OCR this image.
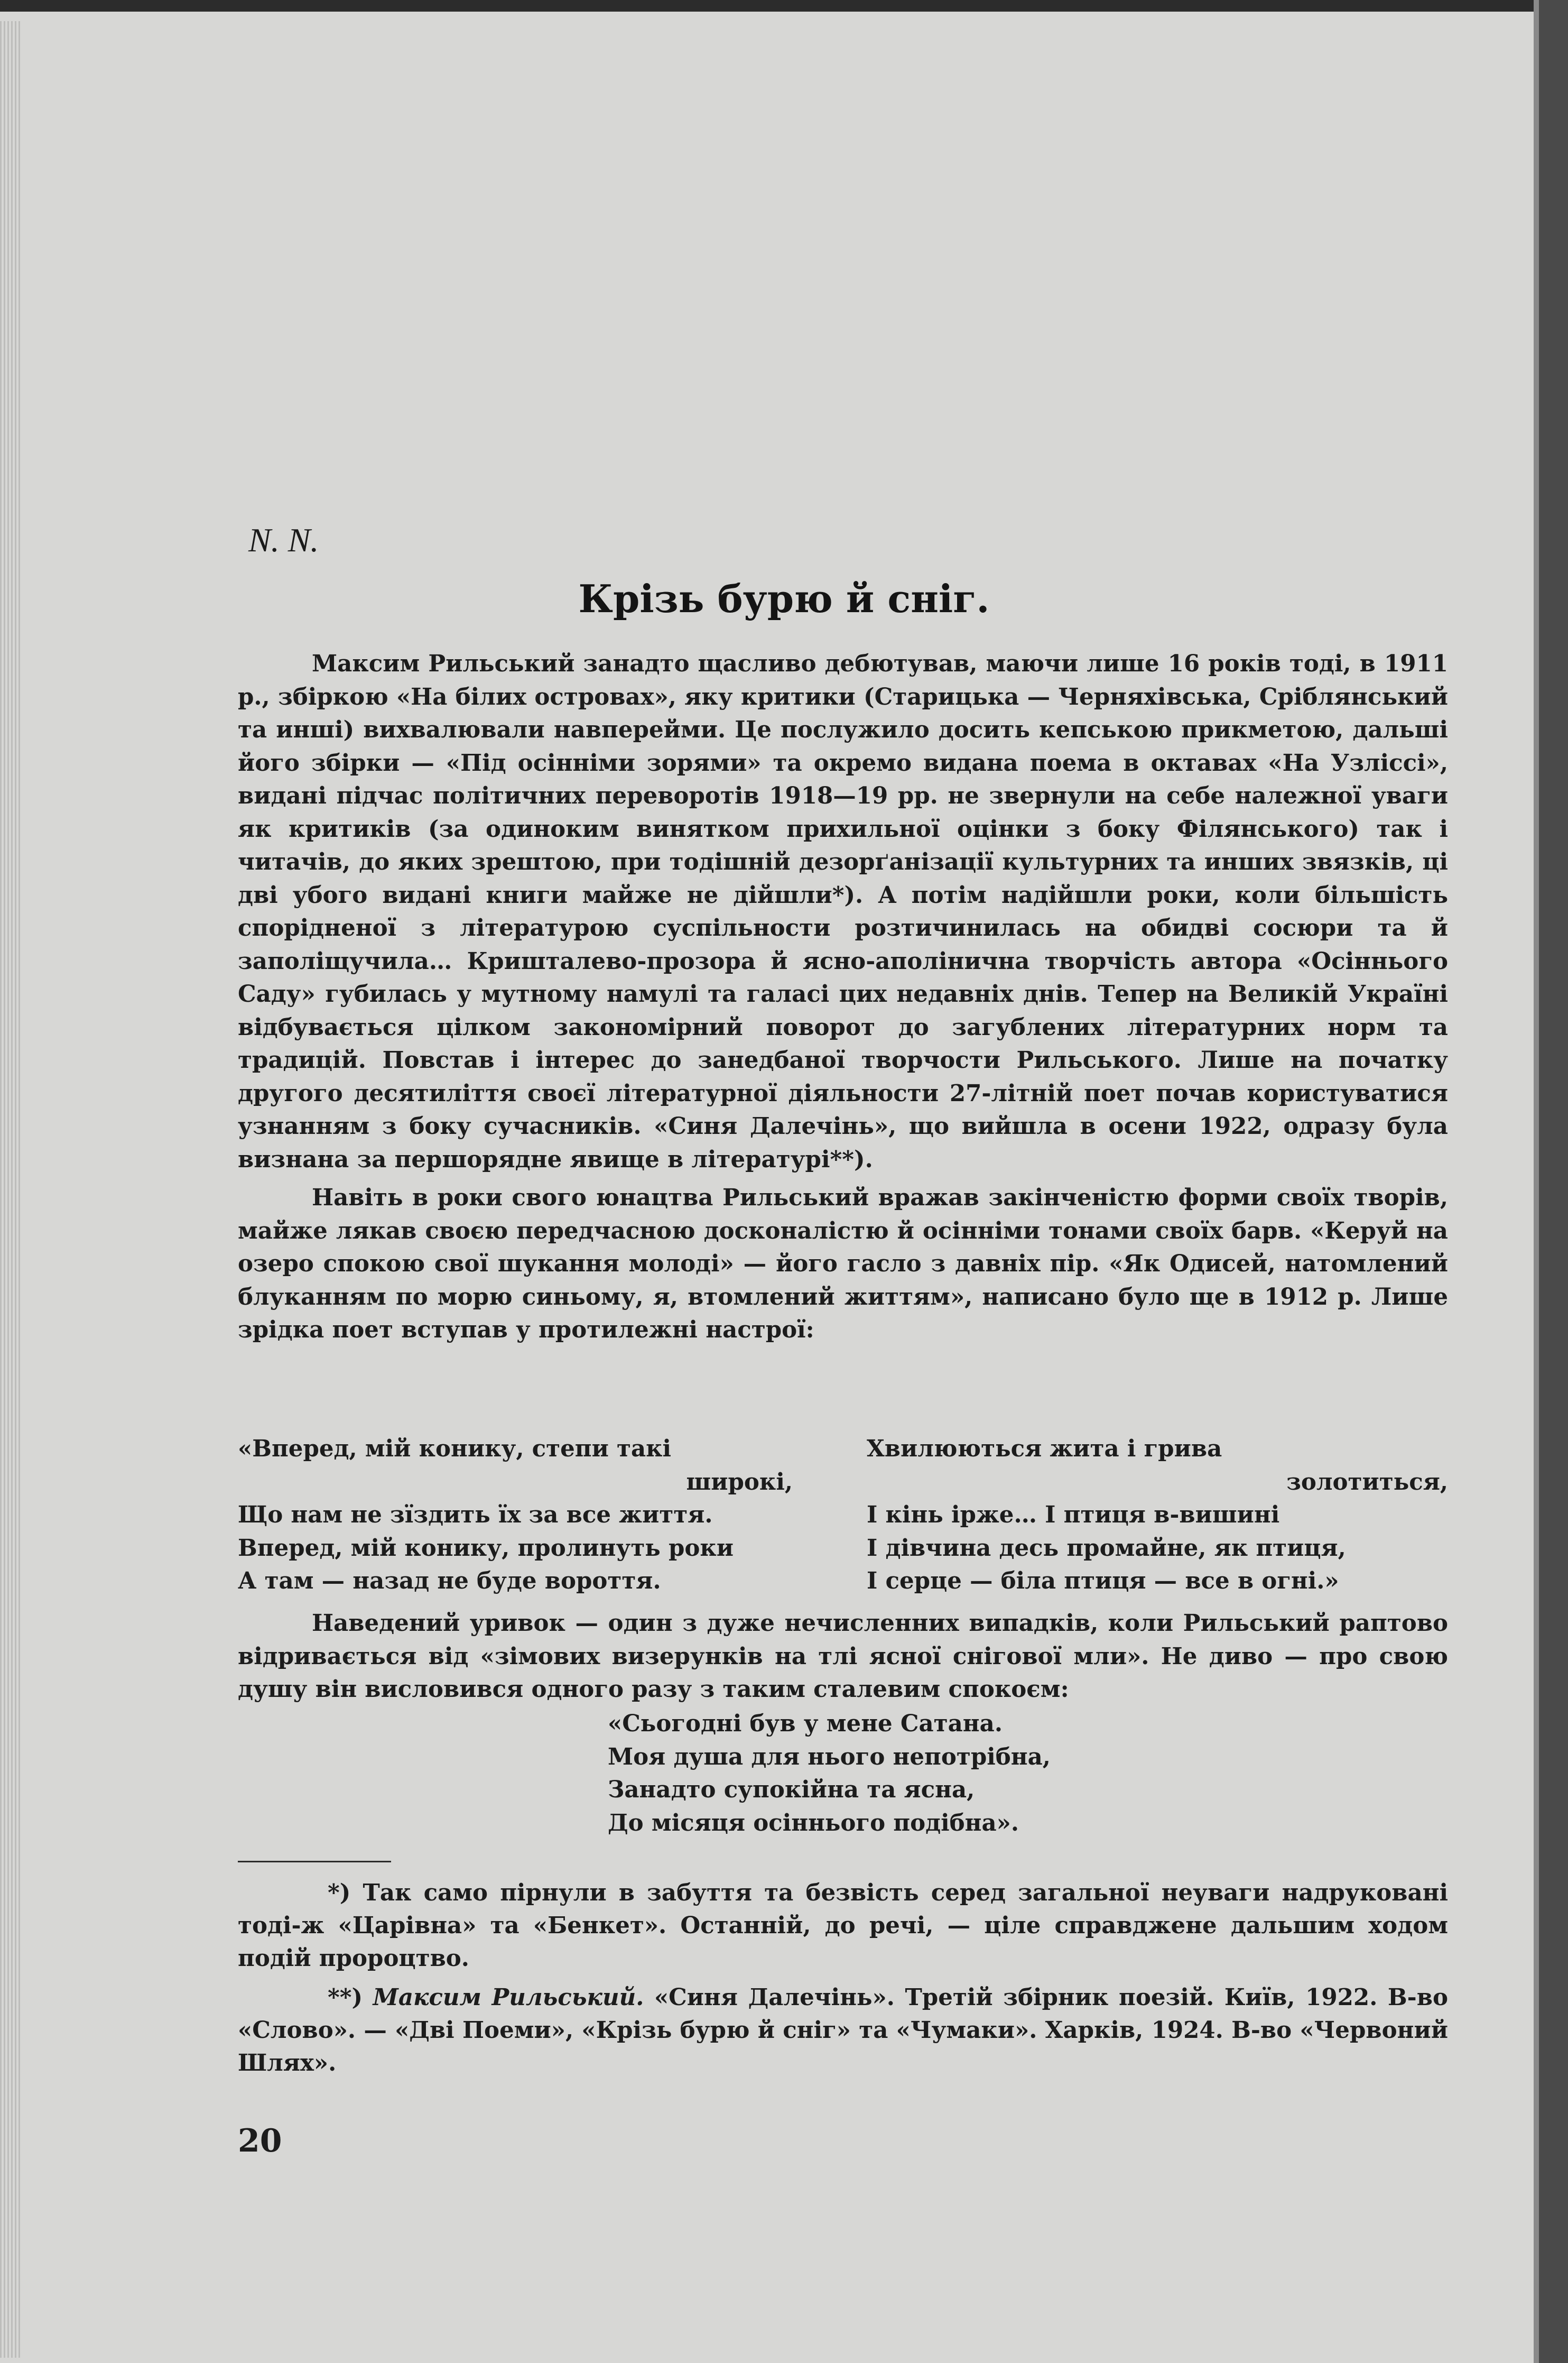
N. N.
Крізь бурю й сніг.

Максим Рильський занадто щасливо дебютував, маючи лише 16 років тоді, в 1911 р., збіркою «На білих островах», яку критики (Старицька — Черняхівська, Сріблянський та инші) вихвалювали навперейми. Це послужило досить кепською прикметою, дальші його збірки — «Під осінніми зорями» та окремо видана поема в октавах «На Узліссі», видані підчас політичних переворотів 1918—19 рр. не звернули на себе належної уваги як критиків (за одиноким винятком прихильної оцінки з боку Філянського) так і читачів, до яких зрештою, при тодішній дезорґанізації культурних та инших звязків, ці дві убого видані книги майже не дійшли*). А потім надійшли роки, коли більшість спорідненої з літературою суспільности розтичинилась на обидві сосюри та й заполіщучила… Кришталево-прозора й ясно-аполінична творчість автора «Осіннього Саду» губилась у мутному намулі та галасі цих недавніх днів. Тепер на Великій Україні відбувається цілком закономірний поворот до загублених літературних норм та традицій. Повстав і інтерес до занедбаної творчости Рильського. Лише на початку другого десятиліття своєї літературної діяльности 27-літній поет почав користуватися узнанням з боку сучасників. «Синя Далечінь», що вийшла в осени 1922, одразу була визнана за першорядне явище в літературі**).

Навіть в роки свого юнацтва Рильський вражав закінченістю форми своїх творів, майже лякав своєю передчасною досконалістю й осінніми тонами своїх барв. «Керуй на озеро спокою свої шукання молоді» — його гасло з давніх пір. «Як Одисей, натомлений блуканням по морю синьому, я, втомлений життям», написано було ще в 1912 р. Лише зрідка поет вступав у протилежні настрої:

«Вперед, мій конику, степи такі
широкі,
Що нам не зїздить їх за все життя.
Вперед, мій конику, пролинуть роки
А там — назад не буде вороття.
Хвилюються жита і грива
золотиться,
І кінь ірже… І птиця в-вишині
І дівчина десь промайне, як птиця,
І серце — біла птиця — все в огні.»

Наведений уривок — один з дуже нечисленних випадків, коли Рильський раптово відривається від «зімових визерунків на тлі ясної снігової мли». Не диво — про свою душу він висловився одного разу з таким сталевим спокоєм:

«Сьогодні був у мене Сатана.
Моя душа для нього непотрібна,
Занадто супокійна та ясна,
До місяця осіннього подібна».

*) Так само пірнули в забуття та безвість серед загальної неуваги надруковані тоді-ж «Царівна» та «Бенкет». Останній, до речі, — ціле справджене дальшим ходом подій пророцтво.

**) Максим Рильський. «Синя Далечінь». Третій збірник поезій. Київ, 1922. В-во «Слово». — «Дві Поеми», «Крізь бурю й сніг» та «Чумаки». Харків, 1924. В-во «Червоний Шлях».

20
